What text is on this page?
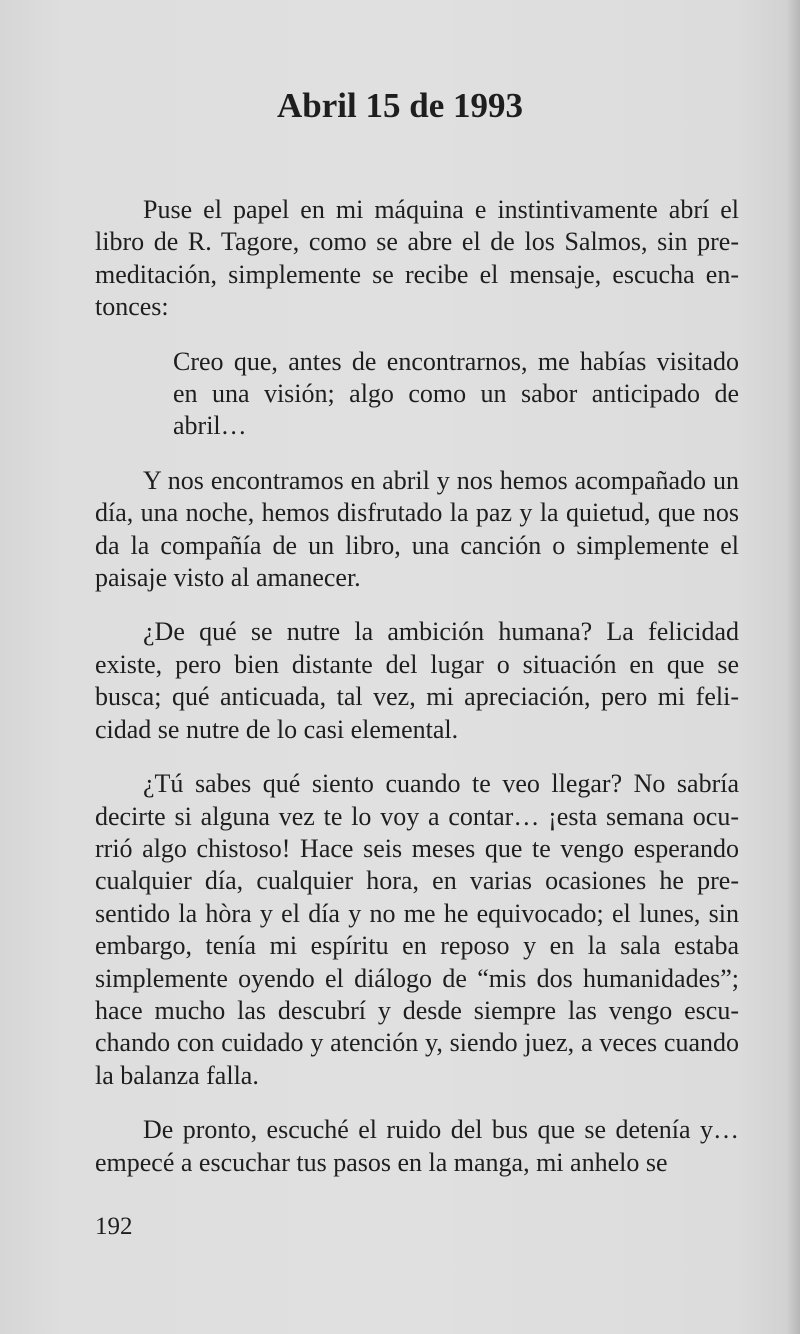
Abril 15 de 1993

Puse el papel en mi máquina e instintivamente abrí el libro de R. Tagore, como se abre el de los Salmos, sin premeditación, simplemente se recibe el mensaje, escucha entonces:

Creo que, antes de encontrarnos, me habías visitado en una visión; algo como un sabor anticipado de abril…

Y nos encontramos en abril y nos hemos acompañado un día, una noche, hemos disfrutado la paz y la quietud, que nos da la compañía de un libro, una canción o simplemente el paisaje visto al amanecer.

¿De qué se nutre la ambición humana? La felicidad existe, pero bien distante del lugar o situación en que se busca; qué anticuada, tal vez, mi apreciación, pero mi felicidad se nutre de lo casi elemental.

¿Tú sabes qué siento cuando te veo llegar? No sabría decirte si alguna vez te lo voy a contar… ¡esta semana ocurrió algo chistoso! Hace seis meses que te vengo esperando cualquier día, cualquier hora, en varias ocasiones he presentido la hòra y el día y no me he equivocado; el lunes, sin embargo, tenía mi espíritu en reposo y en la sala estaba simplemente oyendo el diálogo de “mis dos humanidades”; hace mucho las descubrí y desde siempre las vengo escuchando con cuidado y atención y, siendo juez, a veces cuando la balanza falla.

De pronto, escuché el ruido del bus que se detenía y… empecé a escuchar tus pasos en la manga, mi anhelo se

192
